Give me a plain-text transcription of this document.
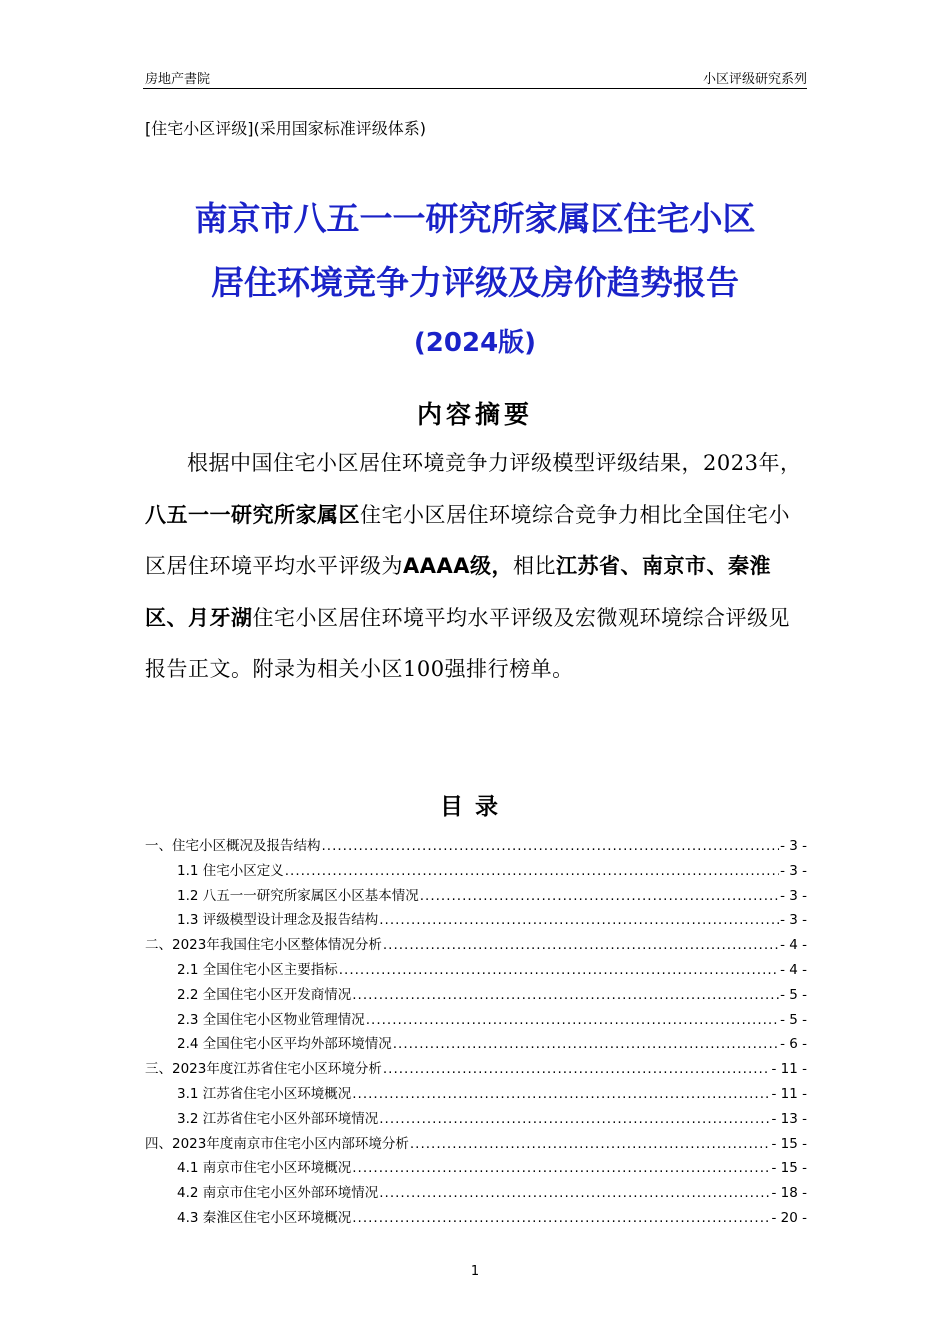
房地产書院	小区评级研究系列
[住宅小区评级](采用国家标准评级体系)
南京市八五一一研究所家属区住宅小区
居住环境竞争力评级及房价趋势报告
(2024版)
内容摘要
根据中国住宅小区居住环境竞争力评级模型评级结果，2023年，八五一一研究所家属区住宅小区居住环境综合竞争力相比全国住宅小区居住环境平均水平评级为AAAA级，相比江苏省、南京市、秦淮区、月牙湖住宅小区居住环境平均水平评级及宏微观环境综合评级见报告正文。附录为相关小区100强排行榜单。
目录
一、住宅小区概况及报告结构 .....	- 3 -
1.1 住宅小区定义 .....	- 3 -
1.2 八五一一研究所家属区小区基本情况 .....	- 3 -
1.3 评级模型设计理念及报告结构 .....	- 3 -
二、2023年我国住宅小区整体情况分析 .....	- 4 -
2.1 全国住宅小区主要指标 .....	- 4 -
2.2 全国住宅小区开发商情况 .....	- 5 -
2.3 全国住宅小区物业管理情况 .....	- 5 -
2.4 全国住宅小区平均外部环境情况 .....	- 6 -
三、2023年度江苏省住宅小区环境分析 .....	- 11 -
3.1 江苏省住宅小区环境概况 .....	- 11 -
3.2 江苏省住宅小区外部环境情况 .....	- 13 -
四、2023年度南京市住宅小区内部环境分析 .....	- 15 -
4.1 南京市住宅小区环境概况 .....	- 15 -
4.2 南京市住宅小区外部环境情况 .....	- 18 -
4.3 秦淮区住宅小区环境概况 .....	- 20 -
1
